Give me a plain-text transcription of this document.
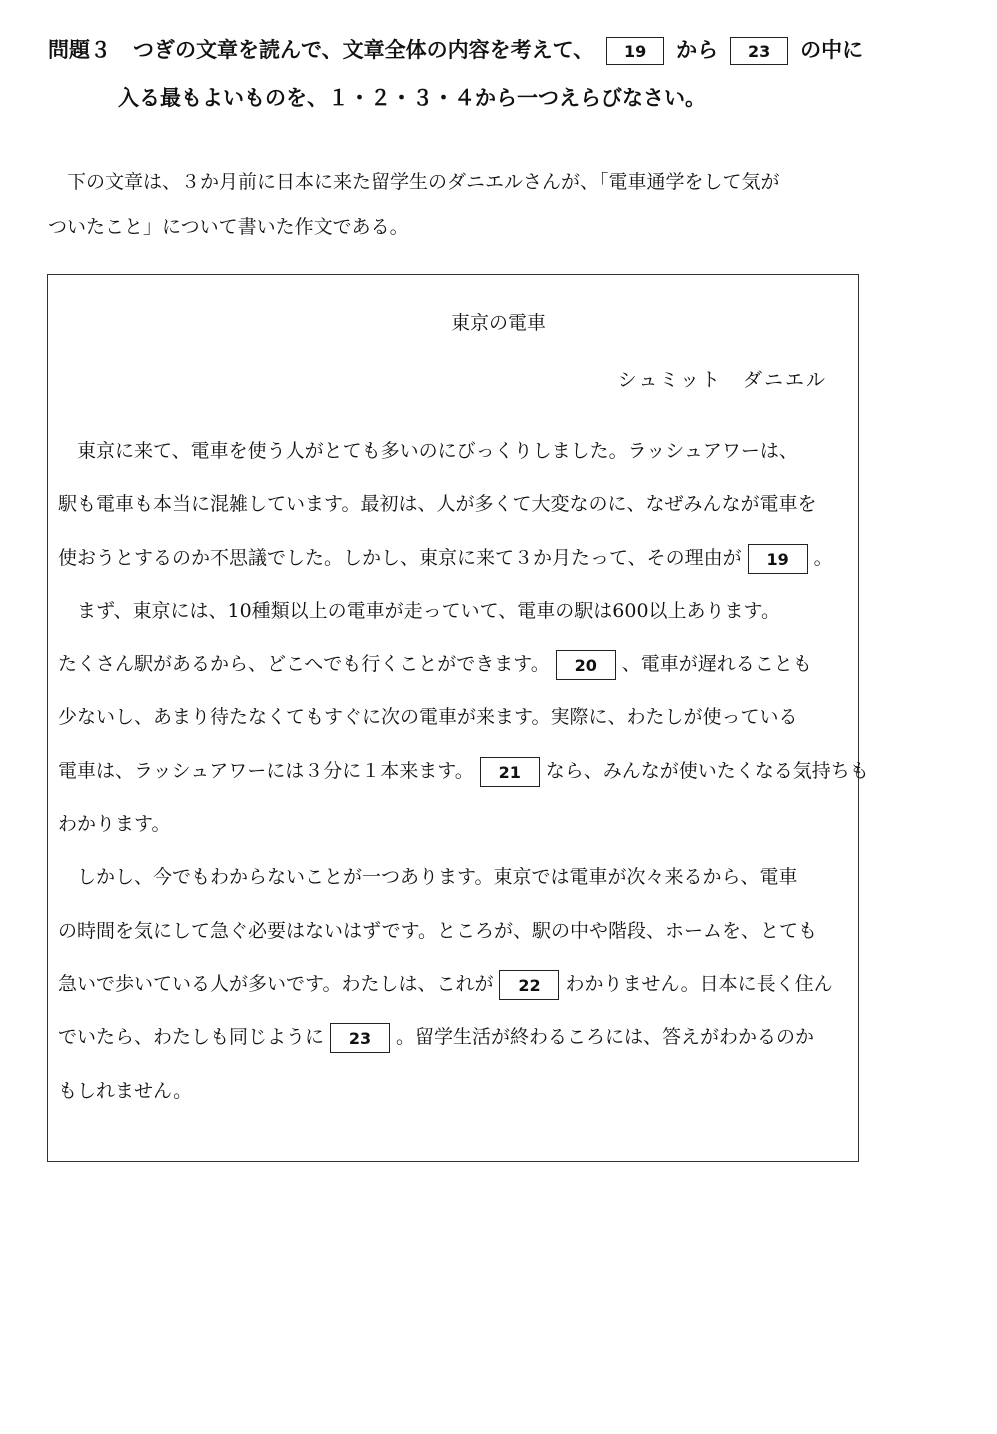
問題３ つぎの文章を読んで、文章全体の内容を考えて、 19 から 23 の中に
入る最もよいものを、１・２・３・４から一つえらびなさい。

下の文章は、３か月前に日本に来た留学生のダニエルさんが、「電車通学をして気が

ついたこと」について書いた作文である。
東京の電車
シュミット　ダニエル
東京に来て、電車を使う人がとても多いのにびっくりしました。ラッシュアワーは、
駅も電車も本当に混雑しています。最初は、人が多くて大変なのに、なぜみんなが電車を
使おうとするのか不思議でした。しかし、東京に来て３か月たって、その理由が 19 。
まず、東京には、10種類以上の電車が走っていて、電車の駅は600以上あります。
たくさん駅があるから、どこへでも行くことができます。 20 、電車が遅れることも
少ないし、あまり待たなくてもすぐに次の電車が来ます。実際に、わたしが使っている
電車は、ラッシュアワーには３分に１本来ます。 21 なら、みんなが使いたくなる気持ちも
わかります。
しかし、今でもわからないことが一つあります。東京では電車が次々来るから、電車
の時間を気にして急ぐ必要はないはずです。ところが、駅の中や階段、ホームを、とても
急いで歩いている人が多いです。わたしは、これが 22 わかりません。日本に長く住ん
でいたら、わたしも同じように 23 。留学生活が終わるころには、答えがわかるのか
もしれません。
